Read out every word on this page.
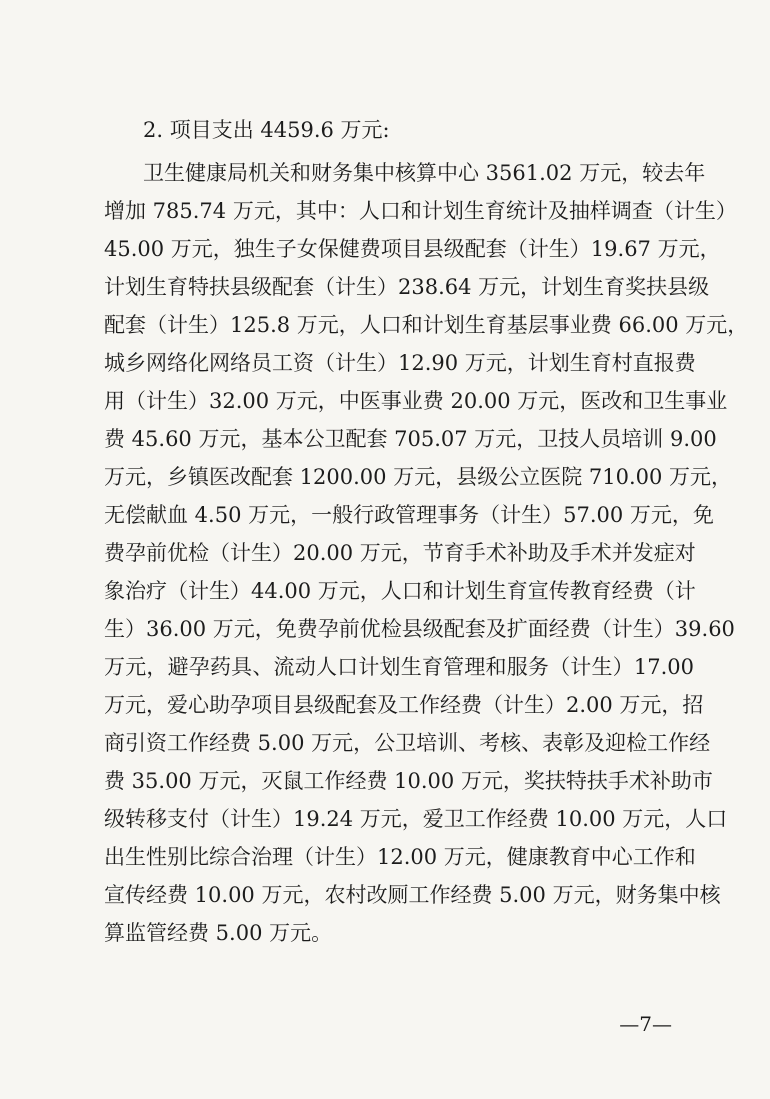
2. 项目支出 4459.6 万元:
卫生健康局机关和财务集中核算中心 3561.02 万元，较去年
增加 785.74 万元，其中：人口和计划生育统计及抽样调查（计生）
45.00 万元，独生子女保健费项目县级配套（计生）19.67 万元，
计划生育特扶县级配套（计生）238.64 万元，计划生育奖扶县级
配套（计生）125.8 万元，人口和计划生育基层事业费 66.00 万元，
城乡网络化网络员工资（计生）12.90 万元，计划生育村直报费
用（计生）32.00 万元，中医事业费 20.00 万元，医改和卫生事业
费 45.60 万元，基本公卫配套 705.07 万元，卫技人员培训 9.00
万元，乡镇医改配套 1200.00 万元，县级公立医院 710.00 万元，
无偿献血 4.50 万元，一般行政管理事务（计生）57.00 万元，免
费孕前优检（计生）20.00 万元，节育手术补助及手术并发症对
象治疗（计生）44.00 万元，人口和计划生育宣传教育经费（计
生）36.00 万元，免费孕前优检县级配套及扩面经费（计生）39.60
万元，避孕药具、流动人口计划生育管理和服务（计生）17.00
万元，爱心助孕项目县级配套及工作经费（计生）2.00 万元，招
商引资工作经费 5.00 万元，公卫培训、考核、表彰及迎检工作经
费 35.00 万元，灭鼠工作经费 10.00 万元，奖扶特扶手术补助市
级转移支付（计生）19.24 万元，爱卫工作经费 10.00 万元，人口
出生性别比综合治理（计生）12.00 万元，健康教育中心工作和
宣传经费 10.00 万元，农村改厕工作经费 5.00 万元，财务集中核
算监管经费 5.00 万元。
—7—
